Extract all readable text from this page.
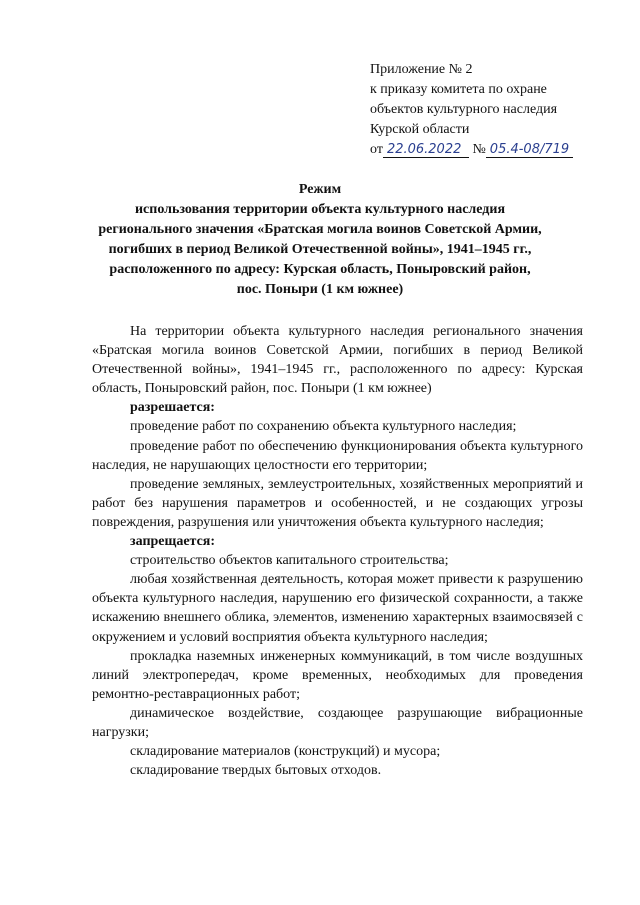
Приложение № 2
к приказу комитета по охране
объектов культурного наследия
Курской области
от 22.06.2022 № 05.4-08/719
Режим
использования территории объекта культурного наследия
регионального значения «Братская могила воинов Советской Армии,
погибших в период Великой Отечественной войны», 1941–1945 гг.,
расположенного по адресу: Курская область, Поныровский район,
пос. Поныри (1 км южнее)

На территории объекта культурного наследия регионального значения «Братская могила воинов Советской Армии, погибших в период Великой Отечественной войны», 1941–1945 гг., расположенного по адресу: Курская область, Поныровский район, пос. Поныри (1 км южнее)

разрешается:

проведение работ по сохранению объекта культурного наследия;

проведение работ по обеспечению функционирования объекта культурного наследия, не нарушающих целостности его территории;

проведение земляных, землеустроительных, хозяйственных мероприятий и работ без нарушения параметров и особенностей, и не создающих угрозы повреждения, разрушения или уничтожения объекта культурного наследия;

запрещается:

строительство объектов капитального строительства;

любая хозяйственная деятельность, которая может привести к разрушению объекта культурного наследия, нарушению его физической сохранности, а также искажению внешнего облика, элементов, изменению характерных взаимосвязей с окружением и условий восприятия объекта культурного наследия;

прокладка наземных инженерных коммуникаций, в том числе воздушных линий электропередач, кроме временных, необходимых для проведения ремонтно-реставрационных работ;

динамическое воздействие, создающее разрушающие вибрационные нагрузки;

складирование материалов (конструкций) и мусора;

складирование твердых бытовых отходов.
